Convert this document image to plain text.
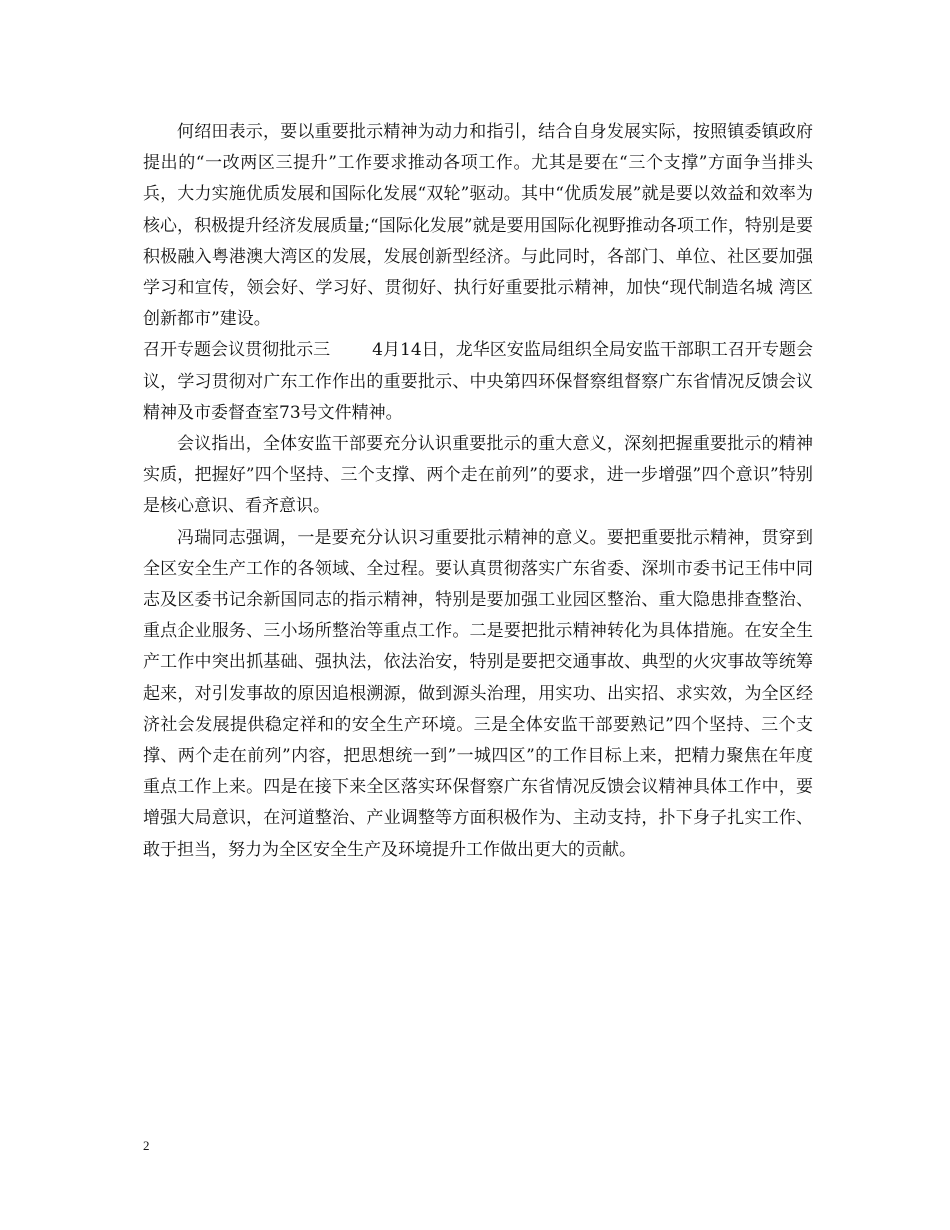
何绍田表示，要以重要批示精神为动力和指引，结合自身发展实际，按照镇委镇政府提出的“一改两区三提升”工作要求推动各项工作。尤其是要在“三个支撑”方面争当排头兵，大力实施优质发展和国际化发展“双轮”驱动。其中“优质发展”就是要以效益和效率为核心，积极提升经济发展质量;“国际化发展”就是要用国际化视野推动各项工作，特别是要积极融入粤港澳大湾区的发展，发展创新型经济。与此同时，各部门、单位、社区要加强学习和宣传，领会好、学习好、贯彻好、执行好重要批示精神，加快“现代制造名城 湾区创新都市”建设。

召开专题会议贯彻批示三 4月14日，龙华区安监局组织全局安监干部职工召开专题会议，学习贯彻对广东工作作出的重要批示、中央第四环保督察组督察广东省情况反馈会议精神及市委督查室73号文件精神。

会议指出，全体安监干部要充分认识重要批示的重大意义，深刻把握重要批示的精神实质，把握好”四个坚持、三个支撑、两个走在前列”的要求，进一步增强”四个意识”特别是核心意识、看齐意识。

冯瑞同志强调，一是要充分认识习重要批示精神的意义。要把重要批示精神，贯穿到全区安全生产工作的各领域、全过程。要认真贯彻落实广东省委、深圳市委书记王伟中同志及区委书记余新国同志的指示精神，特别是要加强工业园区整治、重大隐患排查整治、重点企业服务、三小场所整治等重点工作。二是要把批示精神转化为具体措施。在安全生产工作中突出抓基础、强执法，依法治安，特别是要把交通事故、典型的火灾事故等统筹起来，对引发事故的原因追根溯源，做到源头治理，用实功、出实招、求实效，为全区经济社会发展提供稳定祥和的安全生产环境。三是全体安监干部要熟记”四个坚持、三个支撑、两个走在前列”内容，把思想统一到”一城四区”的工作目标上来，把精力聚焦在年度重点工作上来。四是在接下来全区落实环保督察广东省情况反馈会议精神具体工作中，要增强大局意识，在河道整治、产业调整等方面积极作为、主动支持，扑下身子扎实工作、敢于担当，努力为全区安全生产及环境提升工作做出更大的贡献。

2
